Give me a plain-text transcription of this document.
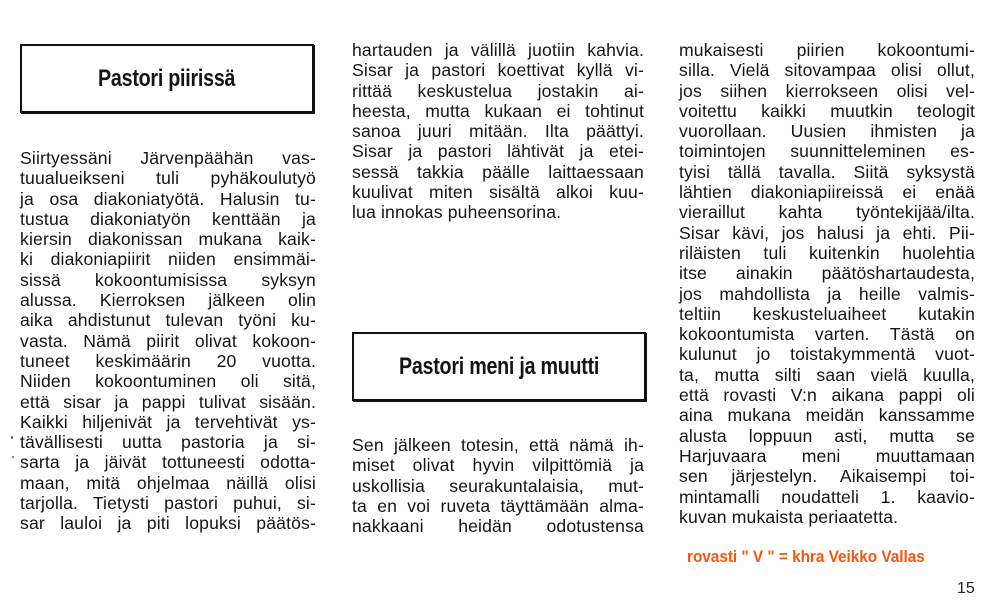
Pastori piirissä
Siirtyessäni Järvenpäähän vas-
tuualueikseni tuli pyhäkoulutyö
ja osa diakoniatyötä. Halusin tu-
tustua diakoniatyön kenttään ja
kiersin diakonissan mukana kaik-
ki diakoniapiirit niiden ensimmäi-
sissä kokoontumisissa syksyn
alussa. Kierroksen jälkeen olin
aika ahdistunut tulevan työni ku-
vasta. Nämä piirit olivat kokoon-
tuneet keskimäärin 20 vuotta.
Niiden kokoontuminen oli sitä,
että sisar ja pappi tulivat sisään.
Kaikki hiljenivät ja tervehtivät ys-
tävällisesti uutta pastoria ja si-
sarta ja jäivät tottuneesti odotta-
maan, mitä ohjelmaa näillä olisi
tarjolla. Tietysti pastori puhui, si-
sar lauloi ja piti lopuksi päätös-
hartauden ja välillä juotiin kahvia.
Sisar ja pastori koettivat kyllä vi-
rittää keskustelua jostakin ai-
heesta, mutta kukaan ei tohtinut
sanoa juuri mitään. Ilta päättyi.
Sisar ja pastori lähtivät ja etei-
sessä takkia päälle laittaessaan
kuulivat miten sisältä alkoi kuu-
lua innokas puheensorina.
Pastori meni ja muutti
Sen jälkeen totesin, että nämä ih-
miset olivat hyvin vilpittömiä ja
uskollisia seurakuntalaisia, mut-
ta en voi ruveta täyttämään alma-
nakkaani heidän odotustensa
mukaisesti piirien kokoontumi-
silla. Vielä sitovampaa olisi ollut,
jos siihen kierrokseen olisi vel-
voitettu kaikki muutkin teologit
vuorollaan. Uusien ihmisten ja
toimintojen suunnitteleminen es-
tyisi tällä tavalla. Siitä syksystä
lähtien diakoniapiireissä ei enää
vieraillut kahta työntekijää/ilta.
Sisar kävi, jos halusi ja ehti. Pii-
riläisten tuli kuitenkin huolehtia
itse ainakin päätöshartaudesta,
jos mahdollista ja heille valmis-
teltiin keskusteluaiheet kutakin
kokoontumista varten. Tästä on
kulunut jo toistakymmentä vuot-
ta, mutta silti saan vielä kuulla,
että rovasti V:n aikana pappi oli
aina mukana meidän kanssamme
alusta loppuun asti, mutta se
Harjuvaara meni muuttamaan
sen järjestelyn. Aikaisempi toi-
mintamalli noudatteli 1. kaavio-
kuvan mukaista periaatetta.
rovasti " V " = khra Veikko Vallas
15
